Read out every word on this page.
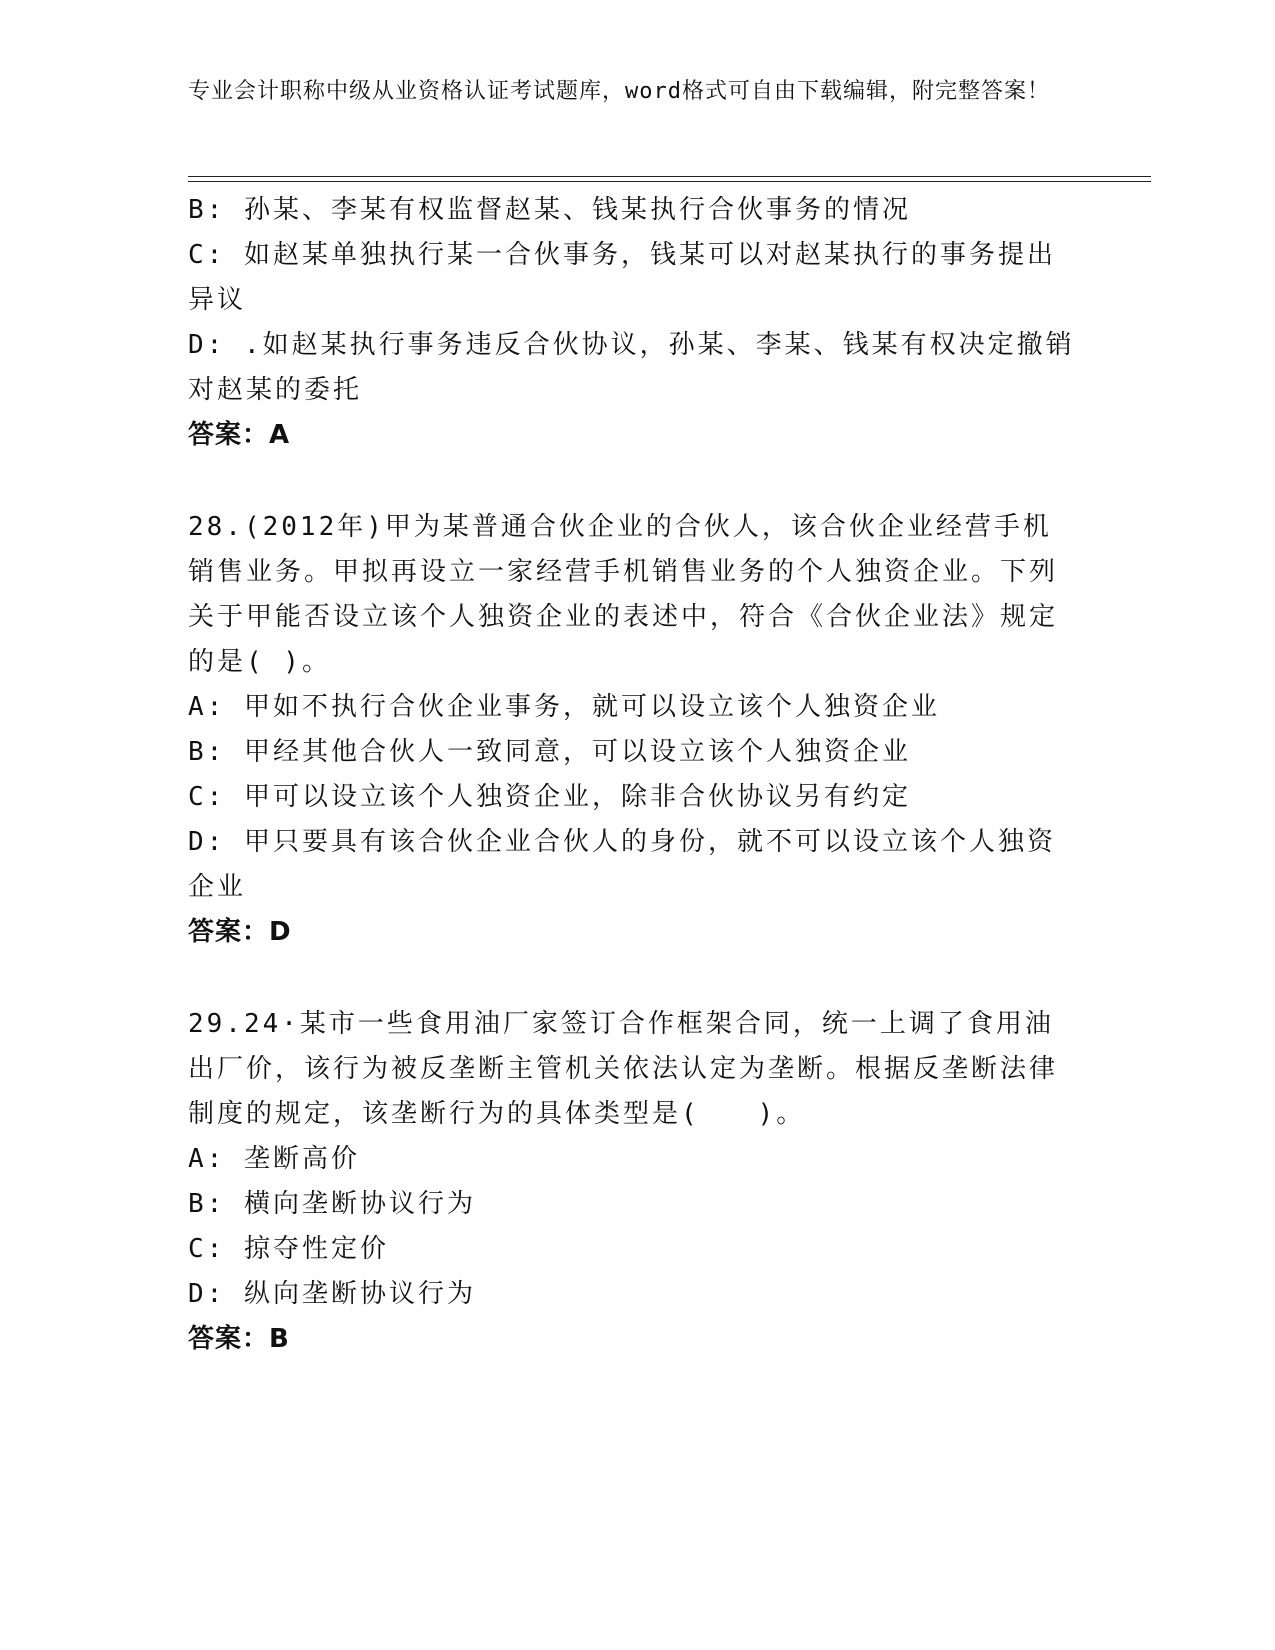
专业会计职称中级从业资格认证考试题库，word格式可自由下载编辑，附完整答案！

B: 孙某、李某有权监督赵某、钱某执行合伙事务的情况

C: 如赵某单独执行某一合伙事务，钱某可以对赵某执行的事务提出异议

D: .如赵某执行事务违反合伙协议，孙某、李某、钱某有权决定撤销对赵某的委托

答案：A

28.(2012年)甲为某普通合伙企业的合伙人，该合伙企业经营手机销售业务。甲拟再设立一家经营手机销售业务的个人独资企业。下列关于甲能否设立该个人独资企业的表述中，符合《合伙企业法》规定的是( )。

A: 甲如不执行合伙企业事务，就可以设立该个人独资企业

B: 甲经其他合伙人一致同意，可以设立该个人独资企业

C: 甲可以设立该个人独资企业，除非合伙协议另有约定

D: 甲只要具有该合伙企业合伙人的身份，就不可以设立该个人独资企业

答案：D

29.24·某市一些食用油厂家签订合作框架合同，统一上调了食用油出厂价，该行为被反垄断主管机关依法认定为垄断。根据反垄断法律制度的规定，该垄断行为的具体类型是(　　)。

A: 垄断高价

B: 横向垄断协议行为

C: 掠夺性定价

D: 纵向垄断协议行为

答案：B
